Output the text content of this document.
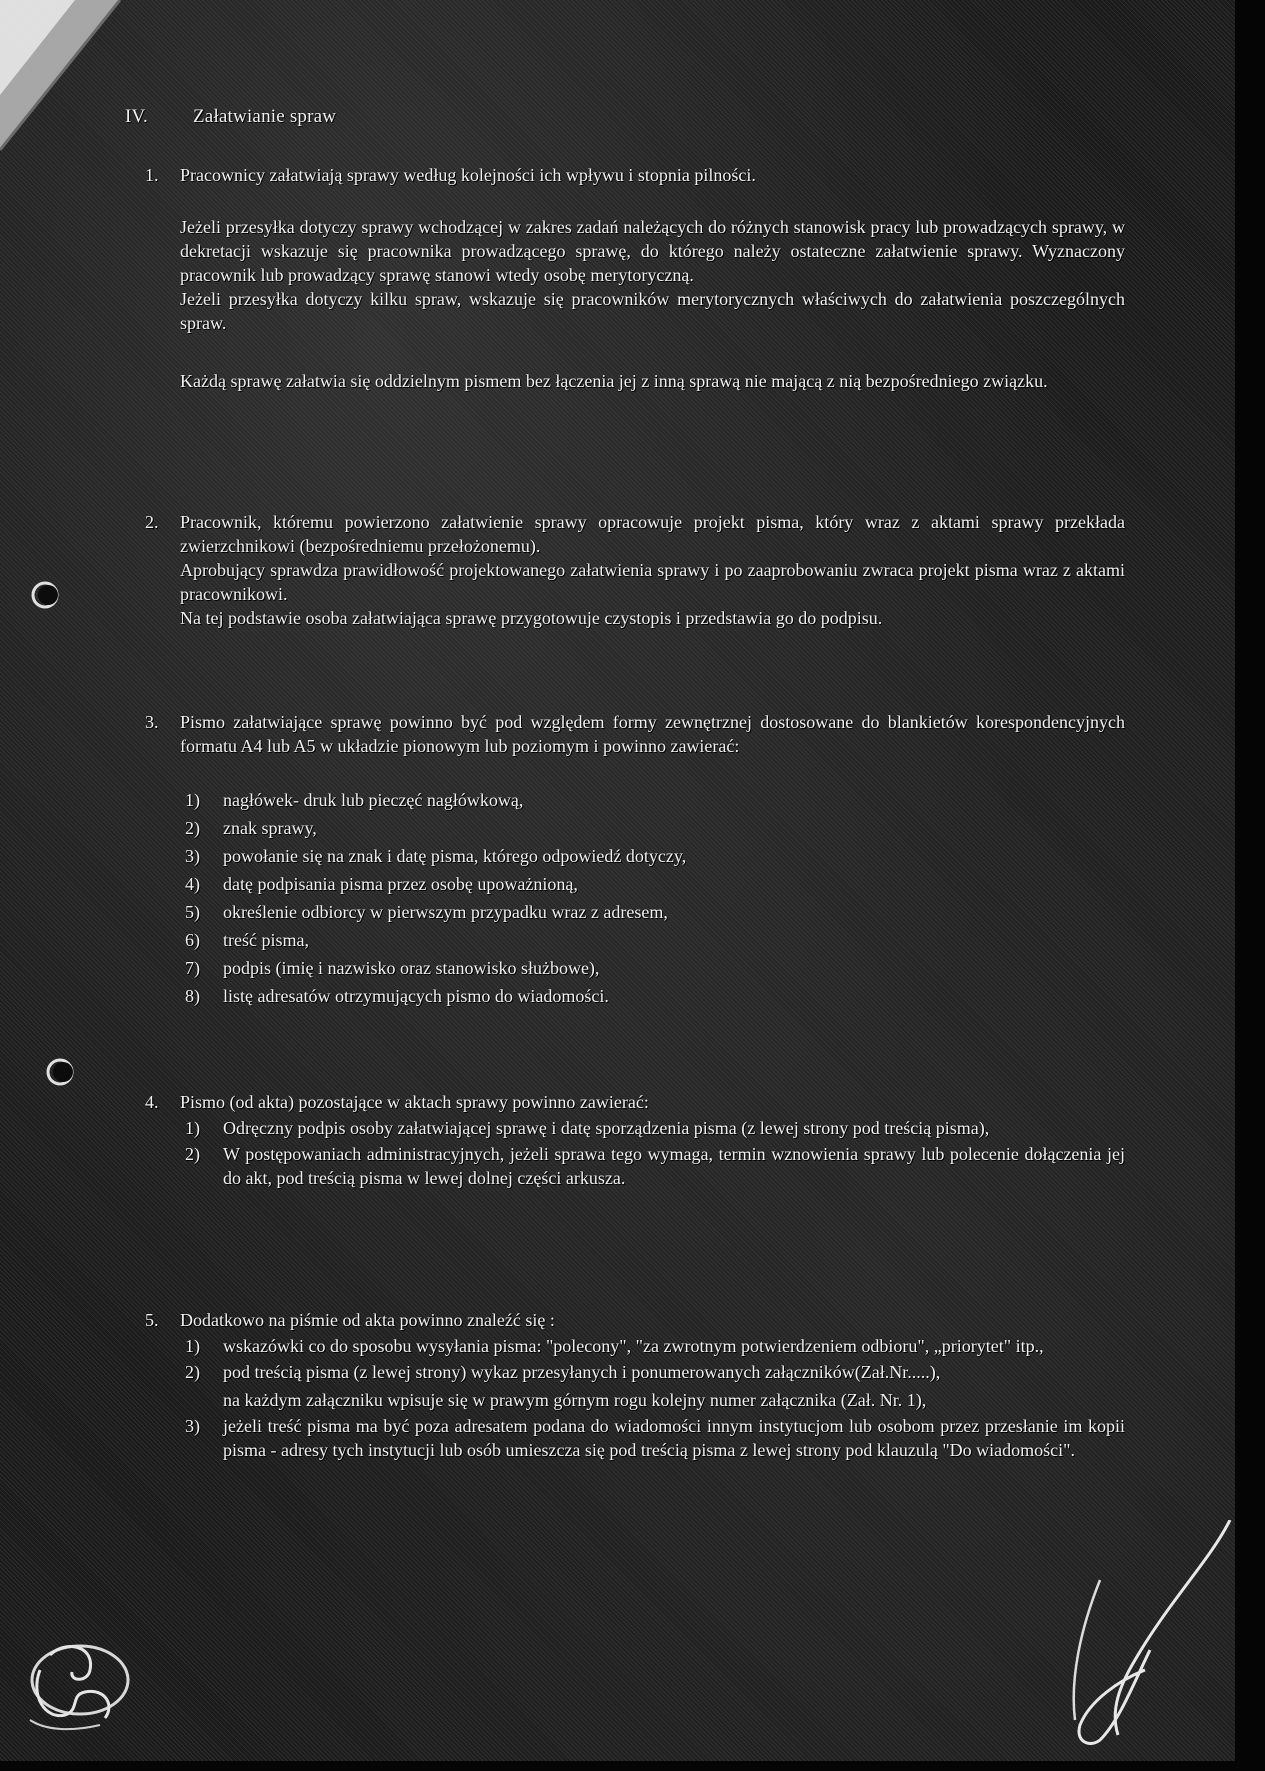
IV. Załatwianie spraw
1.	Pracownicy załatwiają sprawy według kolejności ich wpływu i stopnia pilności.

Jeżeli przesyłka dotyczy sprawy wchodzącej w zakres zadań należących do różnych stanowisk pracy lub prowadzących sprawy, w dekretacji wskazuje się pracownika prowadzącego sprawę, do którego należy ostateczne załatwienie sprawy. Wyznaczony pracownik lub prowadzący sprawę stanowi wtedy osobę merytoryczną.

Jeżeli przesyłka dotyczy kilku spraw, wskazuje się pracowników merytorycznych właściwych do załatwienia poszczególnych spraw.

Każdą sprawę załatwia się oddzielnym pismem bez łączenia jej z inną sprawą nie mającą z nią bezpośredniego związku.

2.	Pracownik, któremu powierzono załatwienie sprawy opracowuje projekt pisma, który wraz z aktami sprawy przekłada zwierzchnikowi (bezpośredniemu przełożonemu).

Aprobujący sprawdza prawidłowość projektowanego załatwienia sprawy i po zaaprobowaniu zwraca projekt pisma wraz z aktami pracownikowi.

Na tej podstawie osoba załatwiająca sprawę przygotowuje czystopis i przedstawia go do podpisu.

3.	Pismo załatwiające sprawę powinno być pod względem formy zewnętrznej dostosowane do blankietów korespondencyjnych formatu A4 lub A5 w układzie pionowym lub poziomym i powinno zawierać:

1)	nagłówek- druk lub pieczęć nagłówkową,
2)	znak sprawy,
3)	powołanie się na znak i datę pisma, którego odpowiedź dotyczy,
4)	datę podpisania pisma przez osobę upoważnioną,
5)	określenie odbiorcy w pierwszym przypadku wraz z adresem,
6)	treść pisma,
7)	podpis (imię i nazwisko oraz stanowisko służbowe),
8)	listę adresatów otrzymujących pismo do wiadomości.
4.	Pismo (od akta) pozostające w aktach sprawy powinno zawierać:

1)	Odręczny podpis osoby załatwiającej sprawę i datę sporządzenia pisma (z lewej strony pod treścią pisma),
2)	W postępowaniach administracyjnych, jeżeli sprawa tego wymaga, termin wznowienia sprawy lub polecenie dołączenia jej do akt, pod treścią pisma w lewej dolnej części arkusza.
5.	Dodatkowo na piśmie od akta powinno znaleźć się :

1)	wskazówki co do sposobu wysyłania pisma: "polecony", "za zwrotnym potwierdzeniem odbioru", „priorytet" itp.,
2)	pod treścią pisma (z lewej strony) wykaz przesyłanych i ponumerowanych załączników(Zał.Nr.....),
na każdym załączniku wpisuje się w prawym górnym rogu kolejny numer załącznika (Zał. Nr. 1),
3)	jeżeli treść pisma ma być poza adresatem podana do wiadomości innym instytucjom lub osobom przez przesłanie im kopii pisma - adresy tych instytucji lub osób umieszcza się pod treścią pisma z lewej strony pod klauzulą "Do wiadomości".
